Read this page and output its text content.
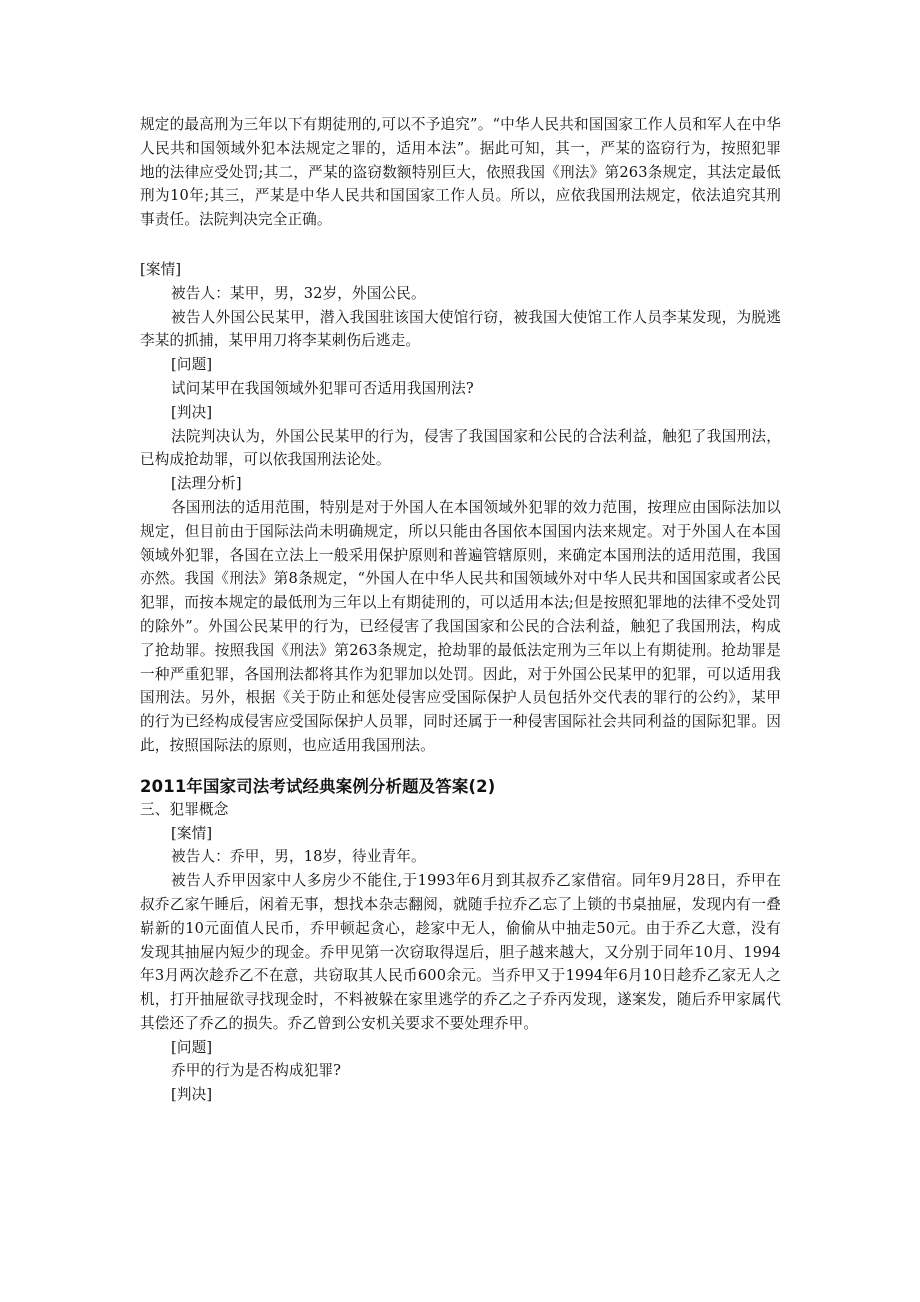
规定的最高刑为三年以下有期徒刑的,可以不予追究”。“中华人民共和国国家工作人员和军人在中华人民共和国领域外犯本法规定之罪的，适用本法”。据此可知，其一，严某的盗窃行为，按照犯罪地的法律应受处罚;其二，严某的盗窃数额特别巨大，依照我国《刑法》第263条规定，其法定最低刑为10年;其三，严某是中华人民共和国国家工作人员。所以，应依我国刑法规定，依法追究其刑事责任。法院判决完全正确。

[案情]

被告人：某甲，男，32岁，外国公民。

被告人外国公民某甲，潜入我国驻该国大使馆行窃，被我国大使馆工作人员李某发现，为脱逃李某的抓捕，某甲用刀将李某刺伤后逃走。

[问题]

试问某甲在我国领域外犯罪可否适用我国刑法?

[判决]

法院判决认为，外国公民某甲的行为，侵害了我国国家和公民的合法利益，触犯了我国刑法，已构成抢劫罪，可以依我国刑法论处。

[法理分析]

各国刑法的适用范围，特别是对于外国人在本国领域外犯罪的效力范围，按理应由国际法加以规定，但目前由于国际法尚未明确规定，所以只能由各国依本国国内法来规定。对于外国人在本国领域外犯罪，各国在立法上一般采用保护原则和普遍管辖原则，来确定本国刑法的适用范围，我国亦然。我国《刑法》第8条规定，“外国人在中华人民共和国领域外对中华人民共和国国家或者公民犯罪，而按本规定的最低刑为三年以上有期徒刑的，可以适用本法;但是按照犯罪地的法律不受处罚的除外”。外国公民某甲的行为，已经侵害了我国国家和公民的合法利益，触犯了我国刑法，构成了抢劫罪。按照我国《刑法》第263条规定，抢劫罪的最低法定刑为三年以上有期徒刑。抢劫罪是一种严重犯罪，各国刑法都将其作为犯罪加以处罚。因此，对于外国公民某甲的犯罪，可以适用我国刑法。另外，根据《关于防止和惩处侵害应受国际保护人员包括外交代表的罪行的公约》，某甲的行为已经构成侵害应受国际保护人员罪，同时还属于一种侵害国际社会共同利益的国际犯罪。因此，按照国际法的原则，也应适用我国刑法。

2011年国家司法考试经典案例分析题及答案(2)

三、犯罪概念

[案情]

被告人：乔甲，男，18岁，待业青年。

被告人乔甲因家中人多房少不能住,于1993年6月到其叔乔乙家借宿。同年9月28日，乔甲在叔乔乙家午睡后，闲着无事，想找本杂志翻阅，就随手拉乔乙忘了上锁的书桌抽屉，发现内有一叠崭新的10元面值人民币，乔甲顿起贪心，趁家中无人，偷偷从中抽走50元。由于乔乙大意，没有发现其抽屉内短少的现金。乔甲见第一次窃取得逞后，胆子越来越大，又分别于同年10月、1994年3月两次趁乔乙不在意，共窃取其人民币600余元。当乔甲又于1994年6月10日趁乔乙家无人之机，打开抽屉欲寻找现金时，不料被躲在家里逃学的乔乙之子乔丙发现，遂案发，随后乔甲家属代其偿还了乔乙的损失。乔乙曾到公安机关要求不要处理乔甲。

[问题]

乔甲的行为是否构成犯罪?

[判决]
